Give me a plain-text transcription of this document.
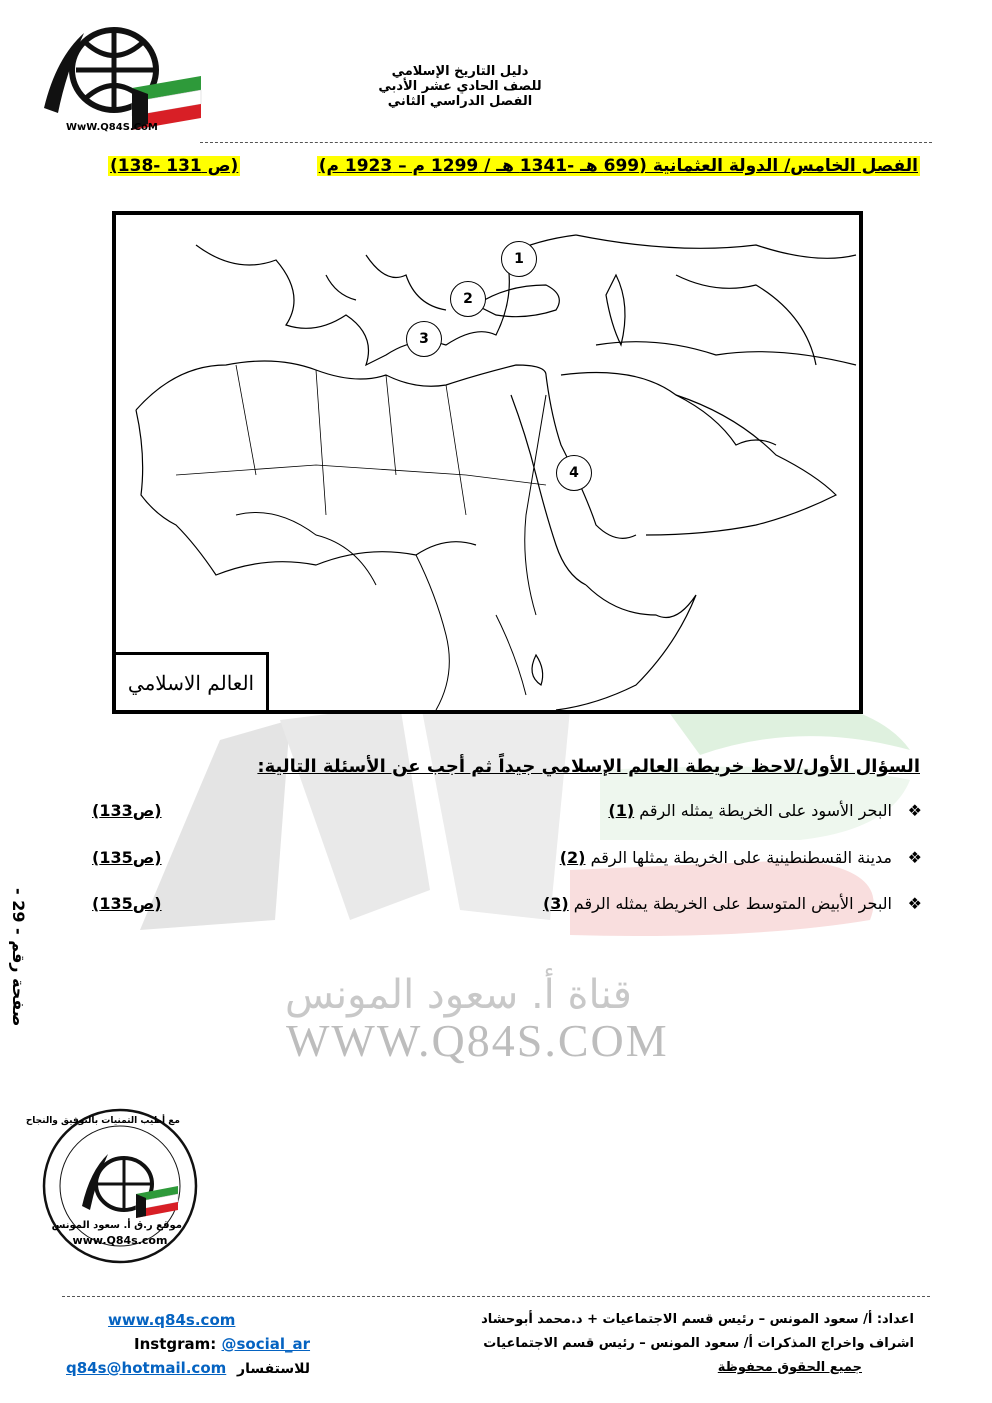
قناة أ. سعود المونس
WWW.Q84S.COM
WwW.Q84S.CoM
دليل التاريخ الإسلامي
للصف الحادي عشر الأدبي
الفصل الدراسي الثاني
الفصل الخامس/ الدولة العثمانية (699 هـ -1341 هـ / 1299 م – 1923 م)
(ص 131 -138)
1
2
3
4
العالم الاسلامي
السؤال الأول/لاحظ خريطة العالم الإسلامي جيداً ثم أجب عن الأسئلة التالية:
❖
البحر الأسود على الخريطة يمثله الرقم (1)
(ص133)
❖
مدينة القسطنطينية على الخريطة يمثلها الرقم (2)
(ص135)
❖
البحر الأبيض المتوسط على الخريطة يمثله الرقم (3)
(ص135)
صفحة رقم - 29 -
مع أطيب التمنيات بالتوفيق والنجاح
موقع ر.ق أ. سعود المونس
www.Q84s.com
اعداد: أ/ سعود المونس – رئيس قسم الاجتماعيات + د.محمد أبوحشاد
اشراف واخراج المذكرات أ/ سعود المونس – رئيس قسم الاجتماعيات
جميع الحقوق محفوظة
www.q84s.com
Instgram: @social_ar
q84s@hotmail.com للاستفسار
